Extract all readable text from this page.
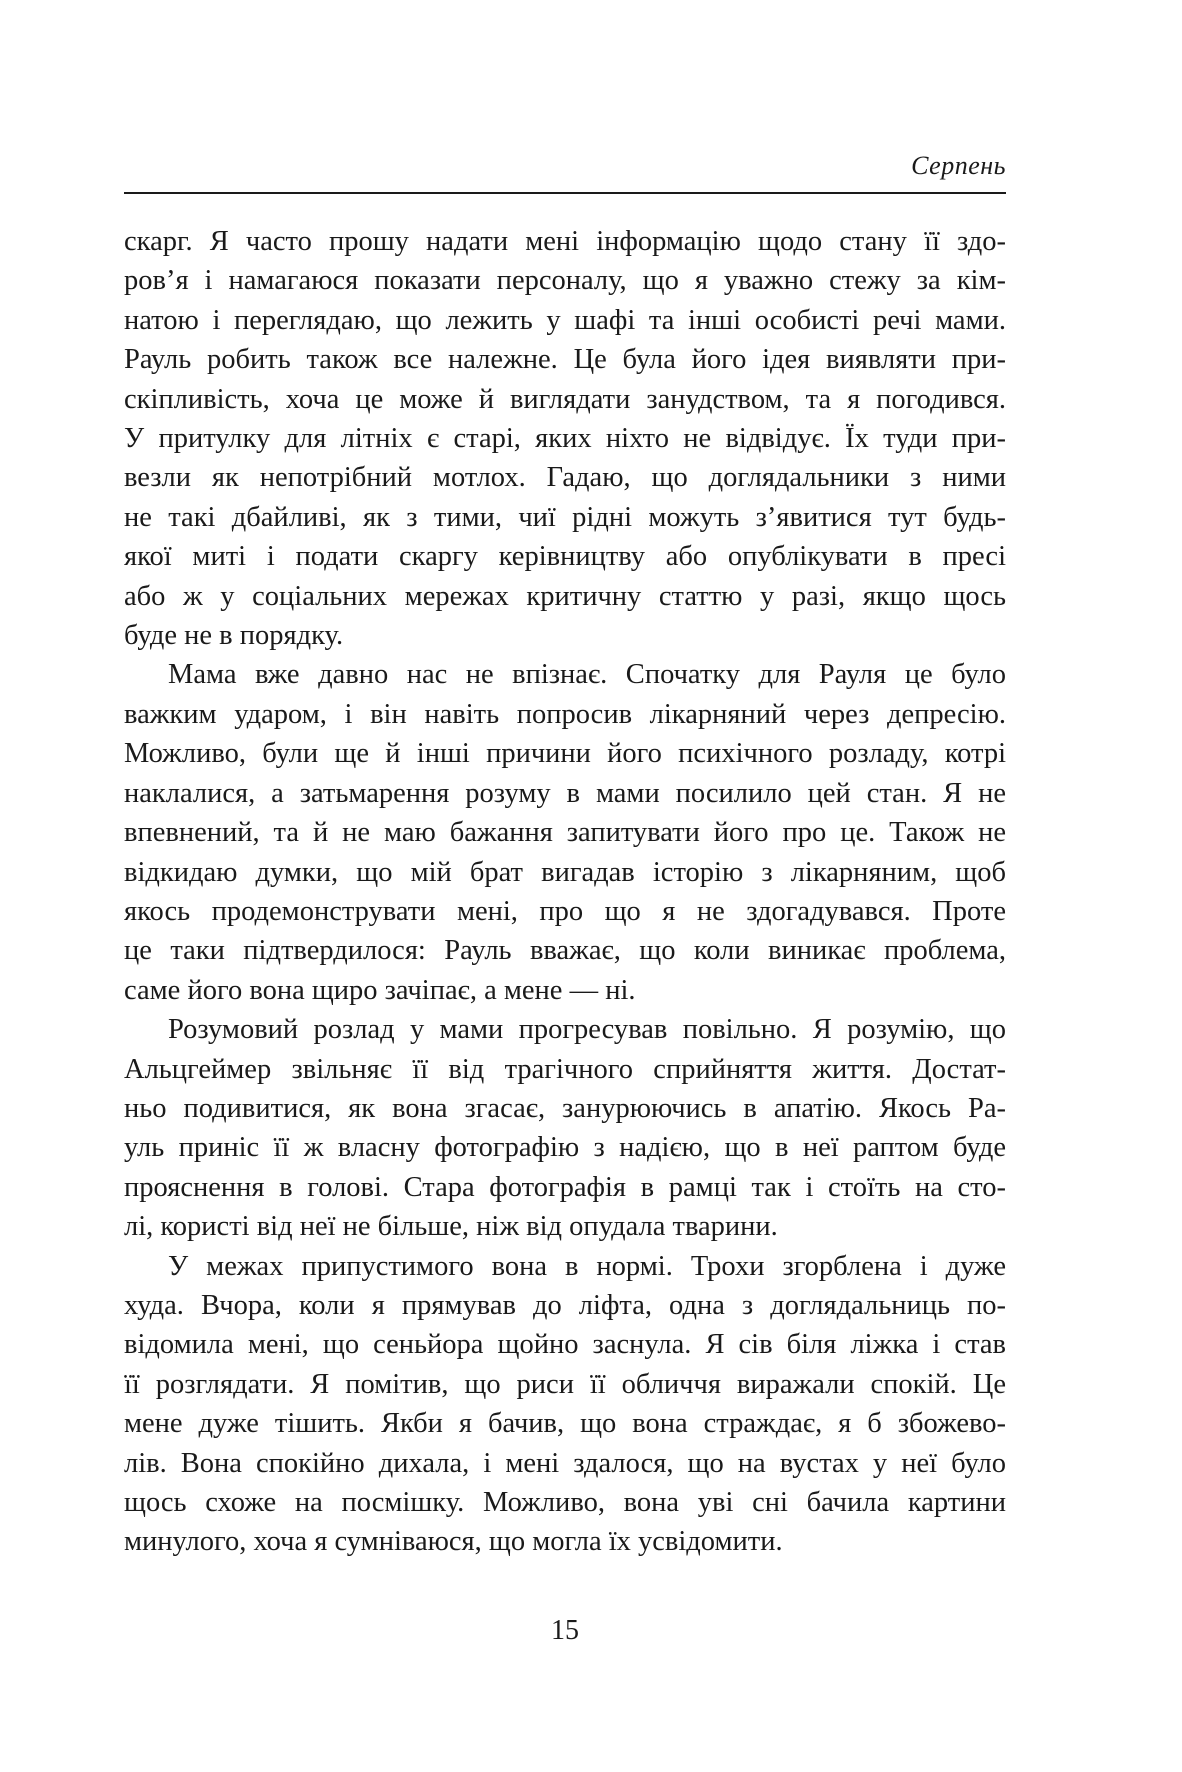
Серпень
скарг. Я часто прошу надати мені інформацію щодо стану її здо-
ров’я і намагаюся показати персоналу, що я уважно стежу за кім-
натою і переглядаю, що лежить у шафі та інші особисті речі мами.
Рауль робить також все належне. Це була його ідея виявляти при-
скіпливість, хоча це може й виглядати занудством, та я погодився.
У притулку для літніх є старі, яких ніхто не відвідує. Їх туди при-
везли як непотрібний мотлох. Гадаю, що доглядальники з ними
не такі дбайливі, як з тими, чиї рідні можуть з’явитися тут будь-
якої миті і подати скаргу керівництву або опублікувати в пресі
або ж у соціальних мережах критичну статтю у разі, якщо щось
буде не в порядку.
Мама вже давно нас не впізнає. Спочатку для Рауля це було
важким ударом, і він навіть попросив лікарняний через депресію.
Можливо, були ще й інші причини його психічного розладу, котрі
наклалися, а затьмарення розуму в мами посилило цей стан. Я не
впевнений, та й не маю бажання запитувати його про це. Також не
відкидаю думки, що мій брат вигадав історію з лікарняним, щоб
якось продемонструвати мені, про що я не здогадувався. Проте
це таки підтвердилося: Рауль вважає, що коли виникає проблема,
саме його вона щиро зачіпає, а мене — ні.
Розумовий розлад у мами прогресував повільно. Я розумію, що
Альцгеймер звільняє її від трагічного сприйняття життя. Достат-
ньо подивитися, як вона згасає, занурюючись в апатію. Якось Ра-
уль приніс її ж власну фотографію з надією, що в неї раптом буде
прояснення в голові. Стара фотографія в рамці так і стоїть на сто-
лі, користі від неї не більше, ніж від опудала тварини.
У межах припустимого вона в нормі. Трохи згорблена і дуже
худа. Вчора, коли я прямував до ліфта, одна з доглядальниць по-
відомила мені, що сеньйора щойно заснула. Я сів біля ліжка і став
її розглядати. Я помітив, що риси її обличчя виражали спокій. Це
мене дуже тішить. Якби я бачив, що вона страждає, я б збожево-
лів. Вона спокійно дихала, і мені здалося, що на вустах у неї було
щось схоже на посмішку. Можливо, вона уві сні бачила картини
минулого, хоча я сумніваюся, що могла їх усвідомити.
15
